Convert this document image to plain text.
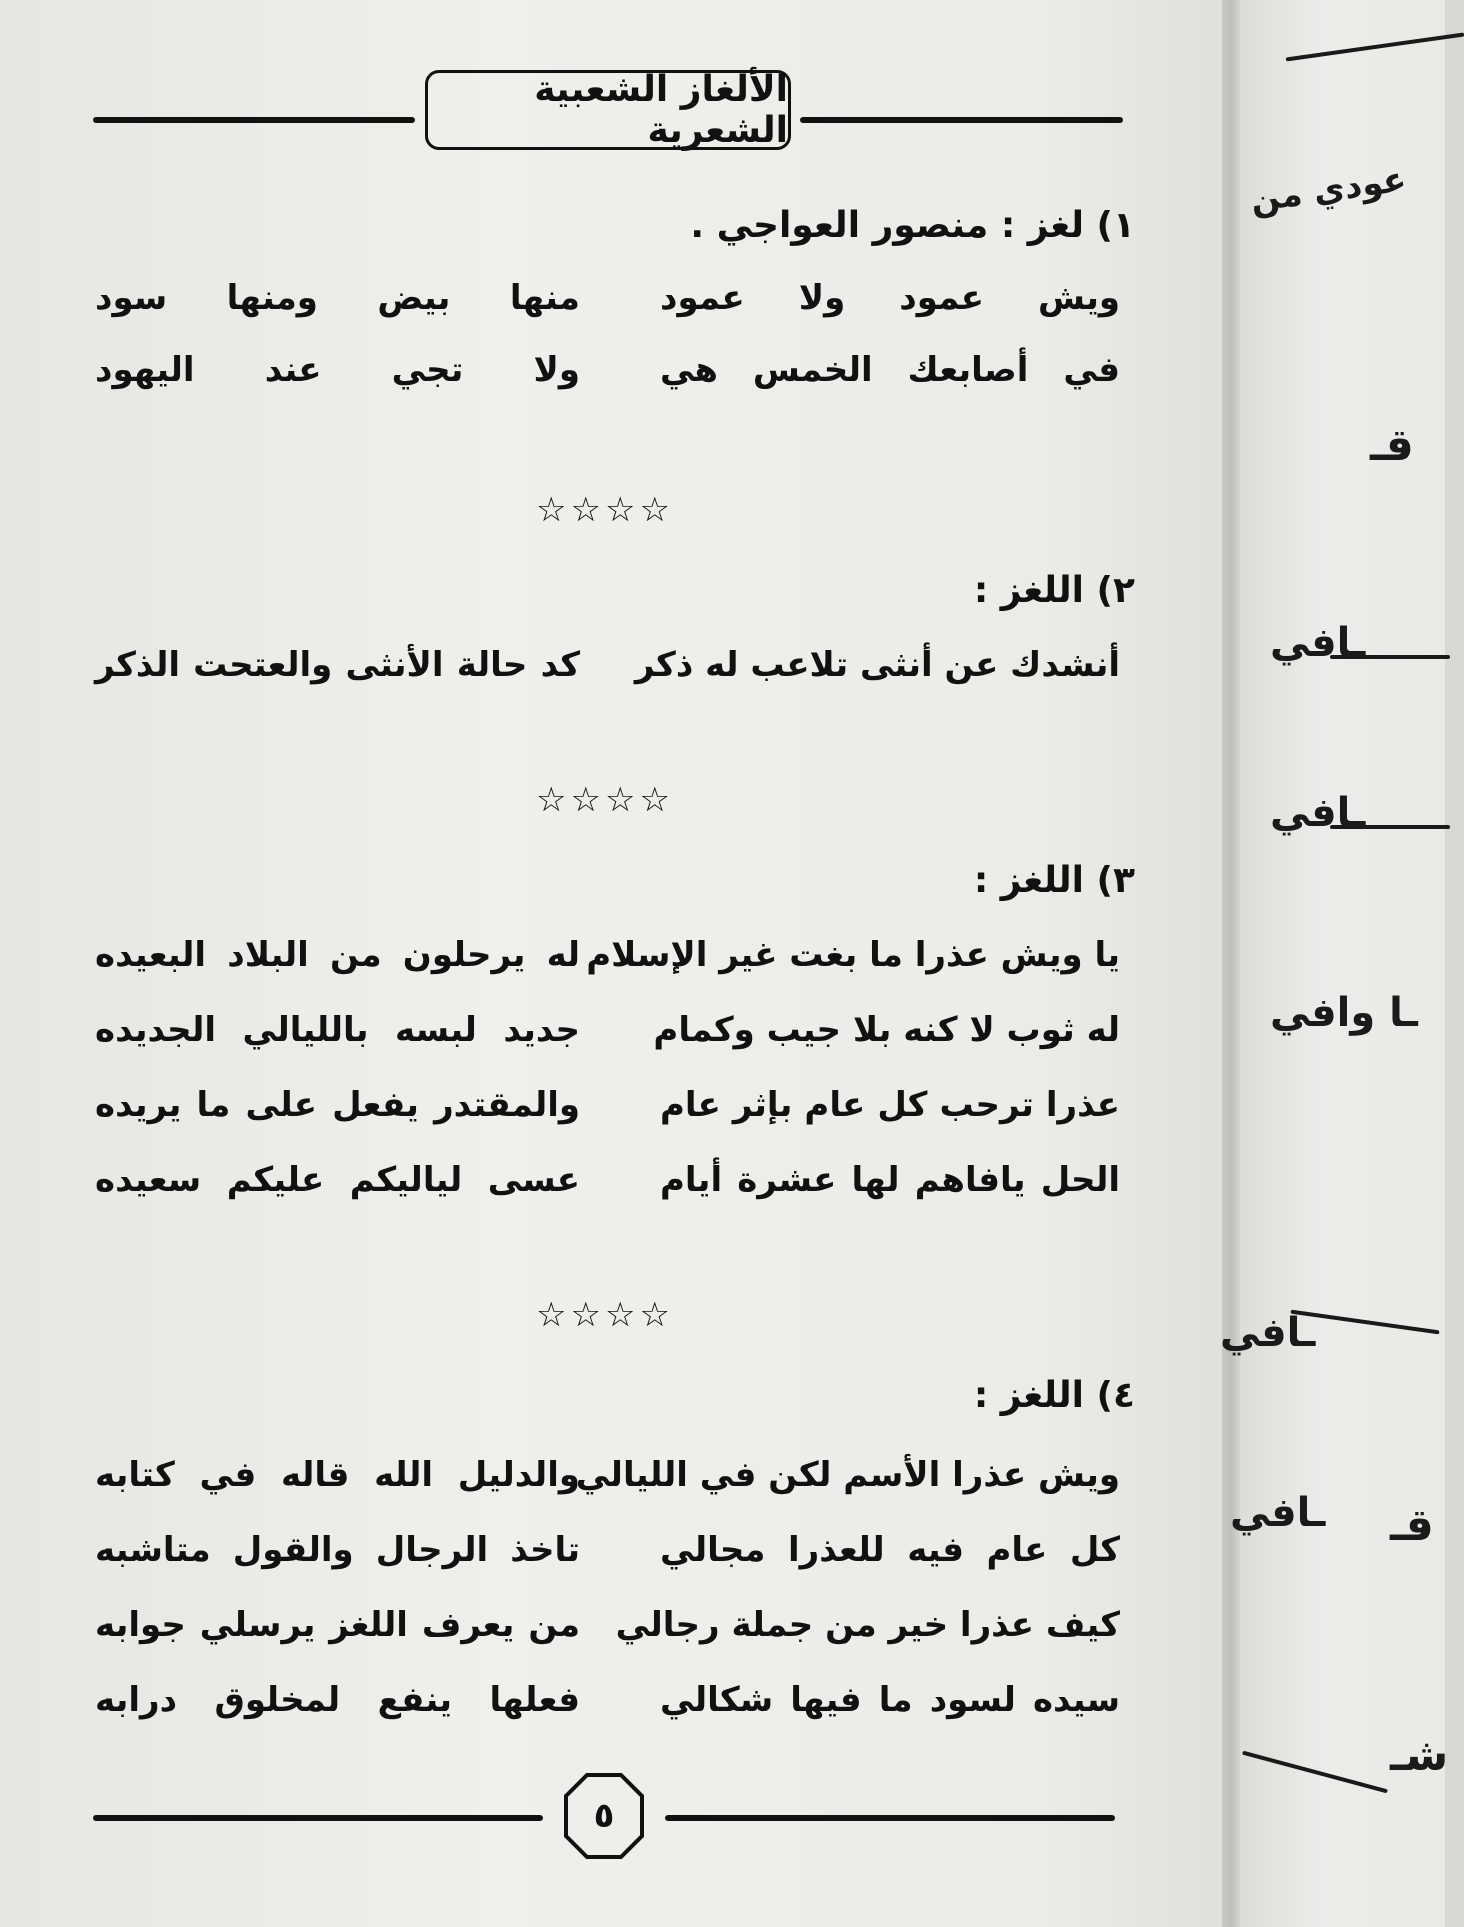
الألغاز الشعبية الشعرية
١) لغز : منصور العواجي .
ويش عمود ولا عمود
منها بيض ومنها سود
في أصابعك الخمس هي
ولا تجي عند اليهود
☆☆☆☆
٢) اللغز :
أنشدك عن أنثى تلاعب له ذكر
كد حالة الأنثى والعتحت الذكر
☆☆☆☆
٣) اللغز :
يا ويش عذرا ما بغت غير الإسلام
له يرحلون من البلاد البعيده
له ثوب لا كنه بلا جيب وكمام
جديد لبسه بالليالي الجديده
عذرا ترحب كل عام بإثر عام
والمقتدر يفعل على ما يريده
الحل يافاهم لها عشرة أيام
عسى لياليكم عليكم سعيده
☆☆☆☆
٤) اللغز :
ويش عذرا الأسم لكن في الليالي
والدليل الله قاله في كتابه
كل عام فيه للعذرا مجالي
تاخذ الرجال والقول متاشبه
كيف عذرا خير من جملة رجالي
من يعرف اللغز يرسلي جوابه
سيده لسود ما فيها شكالي
فعلها ينفع لمخلوق درابه
٥
عودي من
قـ
ـافي
ـافي
ـا وافي
ـافي
قـ
ـافي
شـ
